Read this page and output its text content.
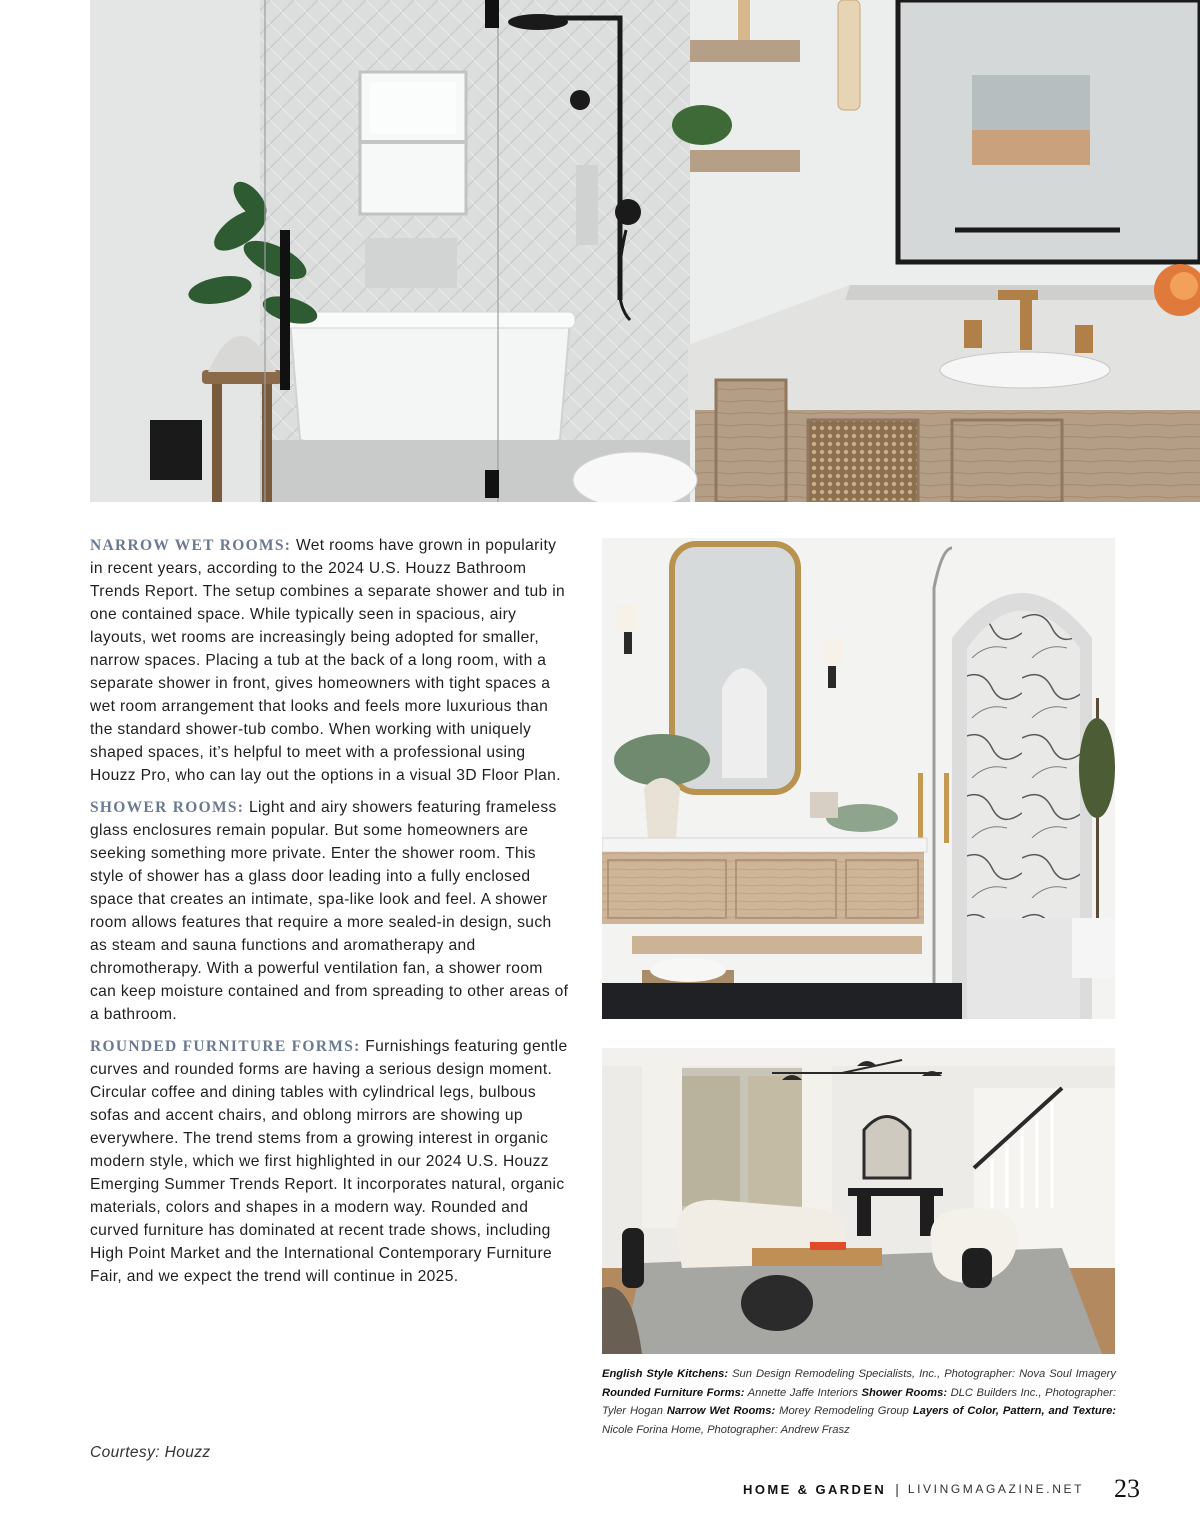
NARROW WET ROOMS: Wet rooms have grown in popularity in recent years, according to the 2024 U.S. Houzz Bathroom Trends Report. The setup combines a separate shower and tub in one contained space. While typically seen in spacious, airy layouts, wet rooms are increasingly being adopted for smaller, narrow spaces. Placing a tub at the back of a long room, with a separate shower in front, gives homeowners with tight spaces a wet room arrangement that looks and feels more luxurious than the standard shower-tub combo. When working with uniquely shaped spaces, it’s helpful to meet with a professional using Houzz Pro, who can lay out the options in a visual 3D Floor Plan.

SHOWER ROOMS: Light and airy showers featuring frameless glass enclosures remain popular. But some homeowners are seeking something more private. Enter the shower room. This style of shower has a glass door leading into a fully enclosed space that creates an intimate, spa-like look and feel. A shower room allows features that require a more sealed-in design, such as steam and sauna functions and aromatherapy and chromotherapy. With a powerful ventilation fan, a shower room can keep moisture contained and from spreading to other areas of a bathroom.

ROUNDED FURNITURE FORMS: Furnishings featuring gentle curves and rounded forms are having a serious design moment. Circular coffee and dining tables with cylindrical legs, bulbous sofas and accent chairs, and oblong mirrors are showing up everywhere. The trend stems from a growing interest in organic modern style, which we first highlighted in our 2024 U.S. Houzz Emerging Summer Trends Report. It incorporates natural, organic materials, colors and shapes in a modern way. Rounded and curved furniture has dominated at recent trade shows, including High Point Market and the International Contemporary Furniture Fair, and we expect the trend will continue in 2025.

Courtesy: Houzz
English Style Kitchens: Sun Design Remodeling Specialists, Inc., Photographer: Nova Soul Imagery Rounded Furniture Forms: Annette Jaffe Interiors Shower Rooms: DLC Builders Inc., Photographer: Tyler Hogan Narrow Wet Rooms: Morey Remodeling Group Layers of Color, Pattern, and Texture: Nicole Forina Home, Photographer: Andrew Frasz
HOME & GARDEN | LIVINGMAGAZINE.NET 23
